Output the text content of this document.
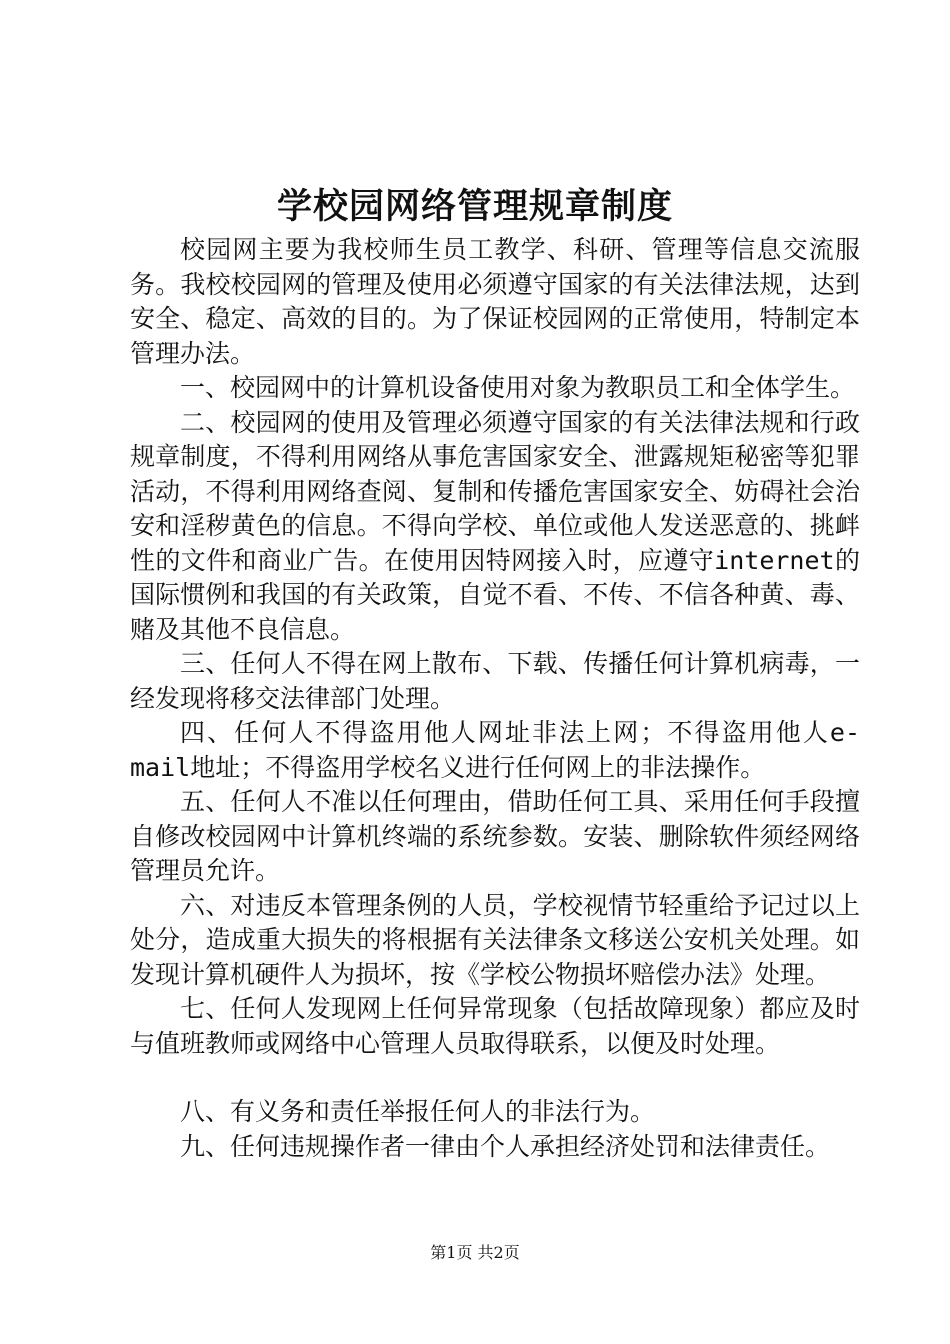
学校园网络管理规章制度

校园网主要为我校师生员工教学、科研、管理等信息交流服务。我校校园网的管理及使用必须遵守国家的有关法律法规，达到安全、稳定、高效的目的。为了保证校园网的正常使用，特制定本管理办法。

一、校园网中的计算机设备使用对象为教职员工和全体学生。

二、校园网的使用及管理必须遵守国家的有关法律法规和行政规章制度，不得利用网络从事危害国家安全、泄露规矩秘密等犯罪活动，不得利用网络查阅、复制和传播危害国家安全、妨碍社会治安和淫秽黄色的信息。不得向学校、单位或他人发送恶意的、挑衅性的文件和商业广告。在使用因特网接入时，应遵守internet的国际惯例和我国的有关政策，自觉不看、不传、不信各种黄、毒、赌及其他不良信息。

三、任何人不得在网上散布、下载、传播任何计算机病毒，一经发现将移交法律部门处理。

四、任何人不得盗用他人网址非法上网；不得盗用他人e-mail地址；不得盗用学校名义进行任何网上的非法操作。

五、任何人不准以任何理由，借助任何工具、采用任何手段擅自修改校园网中计算机终端的系统参数。安装、删除软件须经网络管理员允许。

六、对违反本管理条例的人员，学校视情节轻重给予记过以上处分，造成重大损失的将根据有关法律条文移送公安机关处理。如发现计算机硬件人为损坏，按《学校公物损坏赔偿办法》处理。

七、任何人发现网上任何异常现象（包括故障现象）都应及时与值班教师或网络中心管理人员取得联系，以便及时处理。

八、有义务和责任举报任何人的非法行为。

九、任何违规操作者一律由个人承担经济处罚和法律责任。

第1页 共2页
